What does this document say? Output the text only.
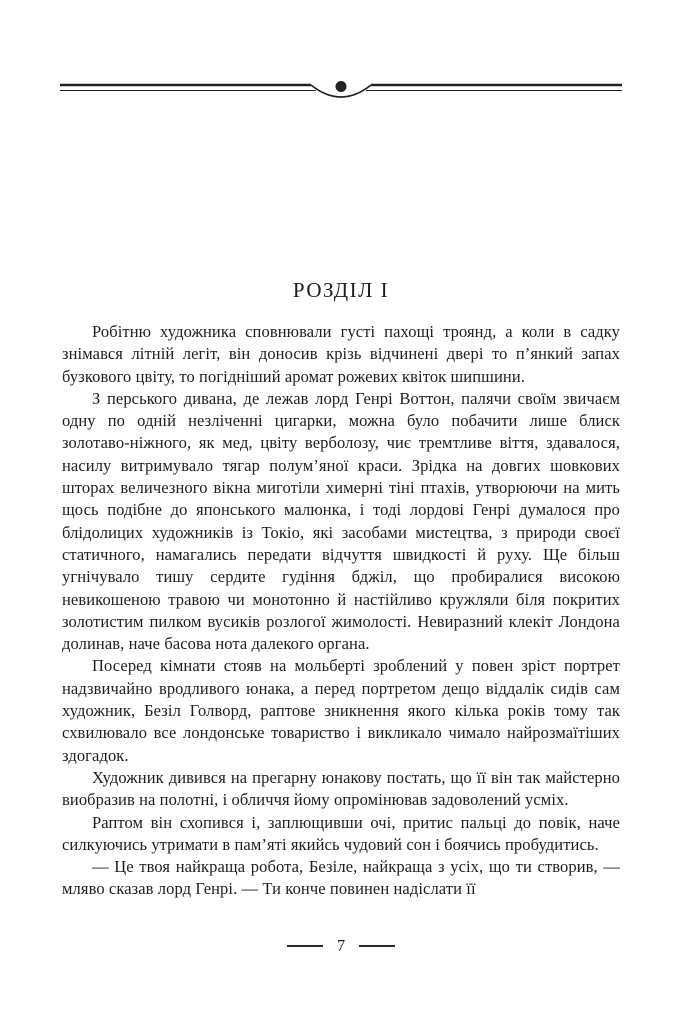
РОЗДІЛ I

Робітню художника сповнювали густі пахощі троянд, а коли в садку знімався літній легіт, він доносив крізь відчинені двері то п’янкий запах бузкового цвіту, то погідніший аромат рожевих квіток шипшини.

З перського дивана, де лежав лорд Генрі Воттон, палячи своїм звичаєм одну по одній незліченні цигарки, можна було побачити лише блиск золотаво-ніжного, як мед, цвіту верболозу, чиє тремтливе віття, здавалося, насилу витримувало тягар полум’яної краси. Зрідка на довгих шовкових шторах величезного вікна миготіли химерні тіні птахів, утворюючи на мить щось подібне до японського малюнка, і тоді лордові Генрі думалося про блідолицих художників із Токіо, які засобами мистецтва, з природи своєї статичного, намагались передати відчуття швидкості й руху. Ще більш угнічувало тишу сердите гудіння бджіл, що пробиралися високою невикошеною травою чи монотонно й настійливо кружляли біля покритих золотистим пилком вусиків розлогої жимолості. Невиразний клекіт Лондона долинав, наче басова нота далекого органа.

Посеред кімнати стояв на мольберті зроблений у повен зріст портрет надзвичайно вродливого юнака, а перед портретом дещо віддалік сидів сам художник, Безіл Голворд, раптове зникнення якого кілька років тому так схвилювало все лондонське товариство і викликало чимало найрозмаїтіших здогадок.

Художник дивився на прегарну юнакову постать, що її він так майстерно виобразив на полотні, і обличчя йому опромінював задоволений усміх.

Раптом він схопився і, заплющивши очі, притис пальці до повік, наче силкуючись утримати в пам’яті якийсь чудовий сон і боячись пробудитись.

— Це твоя найкраща робота, Безіле, найкраща з усіх, що ти створив, — мляво сказав лорд Генрі. — Ти конче повинен надіслати її

7
